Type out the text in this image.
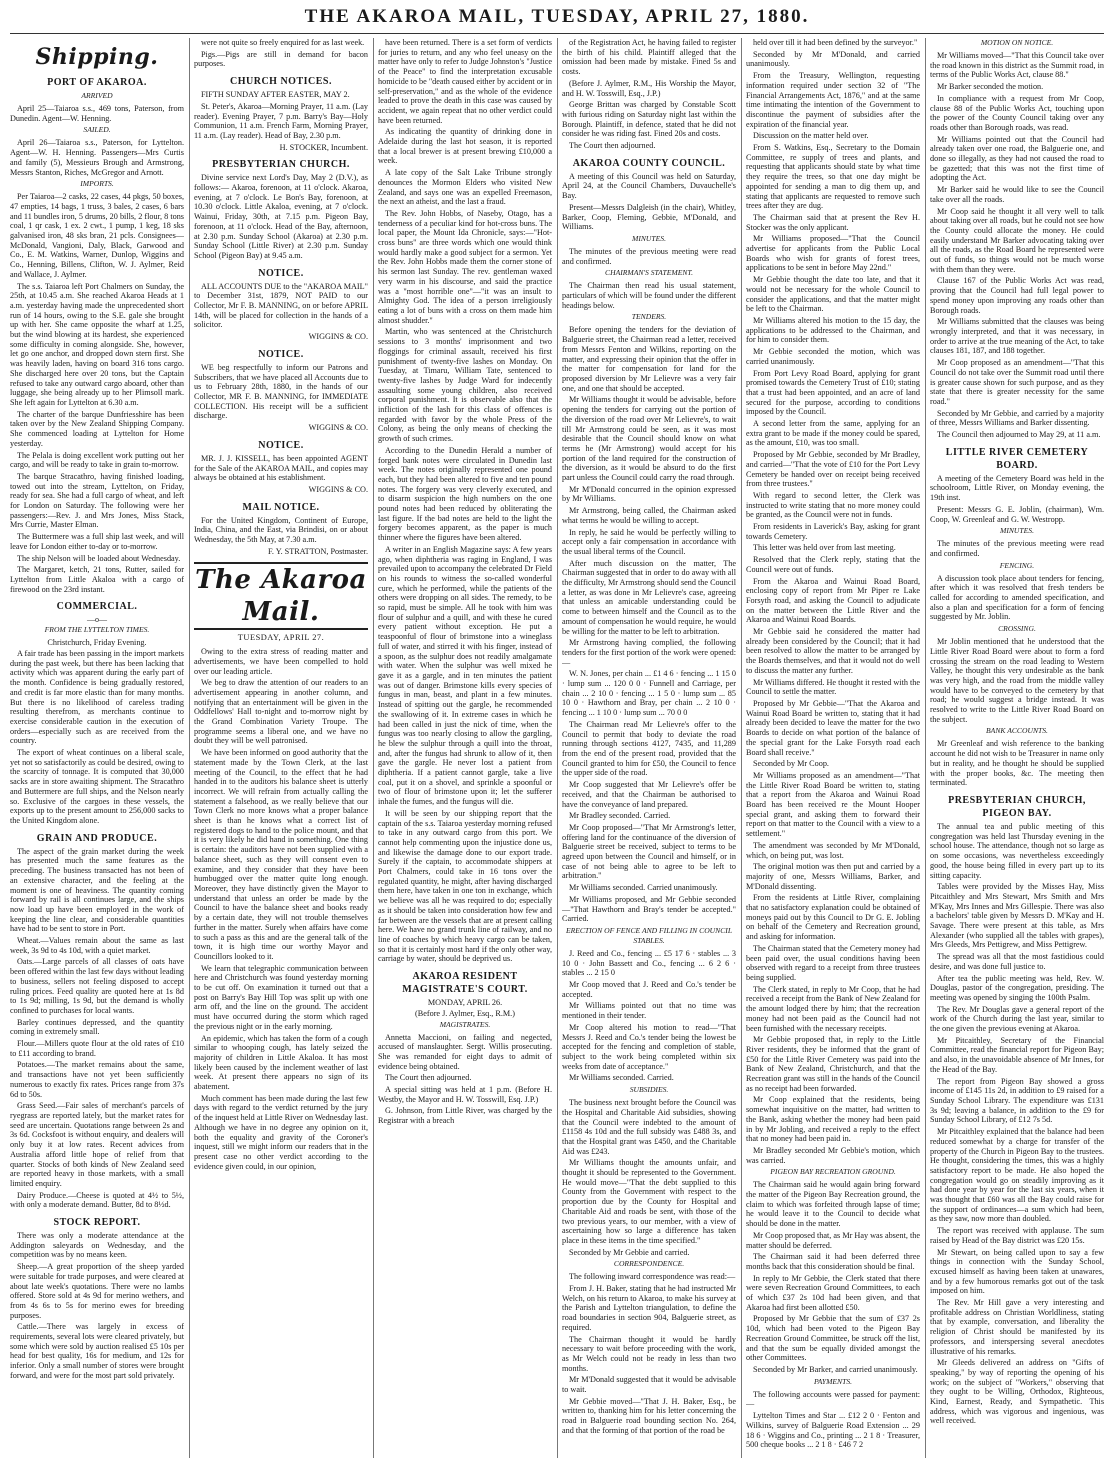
THE AKAROA MAIL, TUESDAY, APRIL 27, 1880.
Shipping.
PORT OF AKAROA.
ARRIVED
April 25—Taiaroa s.s., 469 tons, Paterson, from Dunedin. Agent—W. Henning.
SAILED.
April 26—Taiaroa s.s., Paterson, for Lyttelton. Agent—W. H. Henning. Passengers—Mrs Curtis and family (5), Messieurs Brough and Armstrong, Messrs Stanton, Riches, McGregor and Arnott.
IMPORTS.
Per Taiaroa—2 casks, 22 cases, 44 pkgs, 50 boxes, 47 empties, 14 bags, 1 truss, 3 bales, 2 cases, 6 bars and 11 bundles iron, 5 drums, 20 bills, 2 flour, 8 tons coal, 1 qr cask, 1 ex. 2 cwt., 1 pump, 1 keg, 18 sks galvanised iron, 48 sks bran, 21 pcls. Consignees—McDonald, Vangioni, Daly, Black, Garwood and Co., E. M. Watkins, Warner, Dunlop, Wiggins and Co., Henning, Billens, Clifton, W. J. Aylmer, Reid and Wallace, J. Aylmer.
The s.s. Taiaroa left Port Chalmers on Sunday, the 25th, at 10.45 a.m. She reached Akaroa Heads at 1 a.m. yesterday having made the unprecedented short run of 14 hours, owing to the S.E. gale she brought up with her. She came opposite the wharf at 1.25, but the wind blowing at its hardest, she experienced some difficulty in coming alongside. She, however, let go one anchor, and dropped down stern first. She was heavily laden, having on board 316 tons cargo. She discharged here over 20 tons, but the Captain refused to take any outward cargo aboard, other than luggage, she being already up to her Plimsoll mark. She left again for Lyttelton at 6.30 a.m.
The charter of the barque Dunfriesshire has been taken over by the New Zealand Shipping Company. She commenced loading at Lyttelton for Home yesterday.
The Pelala is doing excellent work putting out her cargo, and will be ready to take in grain to-morrow.
The barque Stracathro, having finished loading, towed out into the stream, Lyttelton, on Friday, ready for sea. She had a full cargo of wheat, and left for London on Saturday. The following were her passengers:—Rev. J. and Mrs Jones, Miss Stack, Mrs Currie, Master Elman.
The Buttermere was a full ship last week, and will leave for London either to-day or to-morrow.
The ship Nelson will be loaded about Wednesday.
The Margaret, ketch, 21 tons, Rutter, sailed for Lyttelton from Little Akaloa with a cargo of firewood on the 23rd instant.
COMMERCIAL.
—o—
FROM THE LYTTELTON TIMES.
Christchurch, Friday Evening.
A fair trade has been passing in the import markets during the past week, but there has been lacking that activity which was apparent during the early part of the month. Confidence is being gradually restored, and credit is far more elastic than for many months. But there is no likelihood of careless trading resulting therefrom, as merchants continue to exercise considerable caution in the execution of orders—especially such as are received from the country.
The export of wheat continues on a liberal scale, yet not so satisfactorily as could be desired, owing to the scarcity of tonnage. It is computed that 30,000 sacks are in store awaiting shipment. The Stracathro and Buttermere are full ships, and the Nelson nearly so. Exclusive of the cargoes in these vessels, the exports up to the present amount to 256,000 sacks to the United Kingdom alone.
GRAIN AND PRODUCE.
The aspect of the grain market during the week has presented much the same features as the preceding. The business transacted has not been of an extensive character, and the feeling at the moment is one of heaviness. The quantity coming forward by rail is all continues large, and the ships now load up have been employed in the work of keeping the line clear, and considerable quantities have had to be sent to store in Port.
Wheat.—Values remain about the same as last week, 3s 9d to 4s 10d, with a quiet market.
Oats.—Large parcels of all classes of oats have been offered within the last few days without leading to business, sellers not feeling disposed to accept ruling prices. Feed quality are quoted here at 1s 8d to 1s 9d; milling, 1s 9d, but the demand is wholly confined to purchases for local wants.
Barley continues depressed, and the quantity coming in extremely small.
Flour.—Millers quote flour at the old rates of £10 to £11 according to brand.
Potatoes.—The market remains about the same, and transactions have not yet been sufficiently numerous to exactly fix rates. Prices range from 37s 6d to 50s.
Grass Seed.—Fair sales of merchant's parcels of ryegrass are reported lately, but the market rates for seed are uncertain. Quotations range between 2s and 3s 6d. Cocksfoot is without enquiry, and dealers will only buy it at low rates. Recent advices from Australia afford little hope of relief from that quarter. Stocks of both kinds of New Zealand seed are reported heavy in those markets, with a small limited enquiry.
Dairy Produce.—Cheese is quoted at 4½ to 5½, with only a moderate demand. Butter, 8d to 8½d.
STOCK REPORT.
There was only a moderate attendance at the Addington saleyards on Wednesday, and the competition was by no means keen.
Sheep.—A great proportion of the sheep yarded were suitable for trade purposes, and were cleared at about late week's quotations. There were no lambs offered. Store sold at 4s 9d for merino wethers, and from 4s 6s to 5s for merino ewes for breeding purposes.
Cattle.—There was largely in excess of requirements, several lots were cleared privately, but some which were sold by auction realised £5 10s per head for best quality, 16s for medium, and 12s for inferior. Only a small number of stores were brought forward, and were for the most part sold privately.
were not quite so freely enquired for as last week.
Pigs.—Pigs are still in demand for bacon purposes.
CHURCH NOTICES.
FIFTH SUNDAY AFTER EASTER, MAY 2.
St. Peter's, Akaroa—Morning Prayer, 11 a.m. (Lay reader). Evening Prayer, 7 p.m. Barry's Bay—Holy Communion, 11 a.m. French Farm, Morning Prayer, 11 a.m. (Lay reader). Head of Bay, 2.30 p.m.
H. STOCKER, Incumbent.
PRESBYTERIAN CHURCH.
Divine service next Lord's Day, May 2 (D.V.), as follows:— Akaroa, forenoon, at 11 o'clock. Akaroa, evening, at 7 o'clock. Le Bon's Bay, forenoon, at 10.30 o'clock. Little Akaloa, evening, at 7 o'clock. Wainui, Friday, 30th, at 7.15 p.m. Pigeon Bay, forenoon, at 11 o'clock. Head of the Bay, afternoon, at 2.30 p.m. Sunday School (Akaroa) at 2.30 p.m. Sunday School (Little River) at 2.30 p.m. Sunday School (Pigeon Bay) at 9.45 a.m.
NOTICE.
ALL ACCOUNTS DUE to the "AKAROA MAIL" to December 31st, 1879, NOT PAID to our Collector, Mr F. B. MANNING, on or before APRIL 14th, will be placed for collection in the hands of a solicitor.
WIGGINS & CO.
NOTICE.
WE beg respectfully to inform our Patrons and Subscribers, that we have placed all Accounts due to us to February 28th, 1880, in the hands of our Collector, MR F. B. MANNING, for IMMEDIATE COLLECTION. His receipt will be a sufficient discharge.
WIGGINS & CO.
NOTICE.
MR. J. J. KISSELL, has been appointed AGENT for the Sale of the AKAROA MAIL, and copies may always be obtained at his establishment.
WIGGINS & CO.
MAIL NOTICE.
For the United Kingdom, Continent of Europe, India, China, and the East, via Brindisi, on or about Wednesday, the 5th May, at 7.30 a.m.
F. Y. STRATTON, Postmaster.
The Akaroa Mail.
TUESDAY, APRIL 27.
Owing to the extra stress of reading matter and advertisements, we have been compelled to hold over our leading article.
We beg to draw the attention of our readers to an advertisement appearing in another column, and notifying that an entertainment will be given in the Oddfellows' Hall to-night and to-morrow night by the Grand Combination Variety Troupe. The programme seems a liberal one, and we have no doubt they will be well patronised.
We have been informed on good authority that the statement made by the Town Clerk, at the last meeting of the Council, to the effect that he had handed in to the auditors his balance sheet is utterly incorrect. We will refrain from actually calling the statement a falsehood, as we really believe that our Town Clerk no more knows what a proper balance sheet is than he knows what a correct list of registered dogs to hand to the police mount, and that it is very likely he did hand in something. One thing is certain: the auditors have not been supplied with a balance sheet, such as they will consent even to examine, and they consider that they have been humbugged over the matter quite long enough. Moreover, they have distinctly given the Mayor to understand that unless an order be made by the Council to have the balance sheet and books ready by a certain date, they will not trouble themselves further in the matter. Surely when affairs have come to such a pass as this and are the general talk of the town, it is high time our worthy Mayor and Councillors looked to it.
We learn that telegraphic communication between here and Christchurch was found yesterday morning to be cut off. On examination it turned out that a post on Barry's Bay Hill Top was split up with one arm off, and the line on the ground. The accident must have occurred during the storm which raged the previous night or in the early morning.
An epidemic, which has taken the form of a cough similar to whooping cough, has lately seized the majority of children in Little Akaloa. It has most likely been caused by the inclement weather of last week. At present there appears no sign of its abatement.
Much comment has been made during the last few days with regard to the verdict returned by the jury of the inquest held at Little River on Wednesday last. Although we have in no degree any opinion on it, both the equality and gravity of the Coroner's inquest, still we might inform our readers that in the present case no other verdict according to the evidence given could, in our opinion,
have been returned. There is a set form of verdicts for juries to return, and any who feel uneasy on the matter have only to refer to Judge Johnston's "Justice of the Peace" to find the interpretation excusable homicide to be "death caused either by accident or in self-preservation," and as the whole of the evidence leaded to prove the death in this case was caused by accident, we again repeat that no other verdict could have been returned.
As indicating the quantity of drinking done in Adelaide during the last hot season, it is reported that a local brewer is at present brewing £10,000 a week.
A late copy of the Salt Lake Tribune strongly denounces the Mormon Elders who visited New Zealand, and says one was an expelled Freemason, the next an atheist, and the last a fraud.
The Rev. John Hobbs, of Naseby, Otago, has a tenderness of a peculiar kind for hot-cross buns. The local paper, the Mount Ida Chronicle, says:—"Hot-cross buns" are three words which one would think would hardly make a good subject for a sermon. Yet the Rev. John Hobbs made them the corner stone of his sermon last Sunday. The rev. gentleman waxed very warm in his discourse, and said the practice was a "most horrible one"—"it was an insult to Almighty God. The idea of a person irreligiously eating a lot of buns with a cross on them made him almost shudder."
Martin, who was sentenced at the Christchurch sessions to 3 months' imprisonment and two floggings for criminal assault, received his first punishment of twenty-five lashes on Monday. On Tuesday, at Timaru, William Tate, sentenced to twenty-five lashes by Judge Ward for indecently assaulting some young children, also received corporal punishment. It is observable also that the infliction of the lash for this class of offences is regarded with favor by the whole Press of the Colony, as being the only means of checking the growth of such crimes.
According to the Dunedin Herald a number of forged bank notes were circulated in Dunedin last week. The notes originally represented one pound each, but they had been altered to five and ten pound notes. The forgery was very cleverly executed, and to disarm suspicion the high numbers on the one pound notes had been reduced by obliterating the last figure. If the bad notes are held to the light the forgery becomes apparent, as the paper is much thinner where the figures have been altered.
A writer in an English Magazine says: A few years ago, when diphtheria was raging in England, I was prevailed upon to accompany the celebrated Dr Field on his rounds to witness the so-called wonderful cure, which he performed, while the patients of the others were dropping on all sides. The remedy, to be so rapid, must be simple. All he took with him was flour of sulphur and a quill, and with these he cured every patient without exception. He put a teaspoonful of flour of brimstone into a wineglass full of water, and stirred it with his finger, instead of a spoon, as the sulphur does not readily amalgamate with water. When the sulphur was well mixed he gave it as a gargle, and in ten minutes the patient was out of danger. Brimstone kills every species of fungus in man, beast, and plant in a few minutes. Instead of spitting out the gargle, he recommended the swallowing of it. In extreme cases in which he had been called in just the nick of time, when the fungus was too nearly closing to allow the gargling, he blew the sulphur through a quill into the throat, and, after the fungus had shrunk to allow of it, then gave the gargle. He never lost a patient from diphtheria. If a patient cannot gargle, take a live coal, put it on a shovel, and sprinkle a spoonful or two of flour of brimstone upon it; let the sufferer inhale the fumes, and the fungus will die.
It will be seen by our shipping report that the captain of the s.s. Taiaroa yesterday morning refused to take in any outward cargo from this port. We cannot help commenting upon the injustice done us, and likewise the damage done to our export trade. Surely if the captain, to accommodate shippers at Port Chalmers, could take in 16 tons over the regulated quantity, he might, after having discharged them here, have taken in one ton in exchange, which we believe was all he was required to do; especially as it should be taken into consideration how few and far between are the vessels that are at present calling here. We have no grand trunk line of railway, and no line of coaches by which heavy cargo can be taken, so that it is certainly most hard if the only other way, carriage by water, should be deprived us.
AKAROA RESIDENT MAGISTRATE'S COURT.
MONDAY, APRIL 26.
(Before J. Aylmer, Esq., R.M.)
MAGISTRATES.
Annetta Maccioni, on failing and negected, accused of manslaughter. Sergt. Willis prosecuting. She was remanded for eight days to admit of evidence being obtained.
The Court then adjourned.
A special sitting was held at 1 p.m. (Before H. Westby, the Mayor and H. W. Tosswill, Esq. J.P.)
G. Johnson, from Little River, was charged by the Registrar with a breach
of the Registration Act, he having failed to register the birth of his child. Plaintiff alleged that the omission had been made by mistake. Fined 5s and costs.
(Before J. Aylmer, R.M., His Worship the Mayor, and H. W. Tosswill, Esq., J.P.)
George Brittan was charged by Constable Scott with furious riding on Saturday night last within the Borough. Plaintiff, in defence, stated that he did not consider he was riding fast. Fined 20s and costs.
The Court then adjourned.
AKAROA COUNTY COUNCIL.
A meeting of this Council was held on Saturday, April 24, at the Council Chambers, Duvauchelle's Bay.
Present—Messrs Dalgleish (in the chair), Whitley, Barker, Coop, Fleming, Gebbie, M'Donald, and Williams.
MINUTES.
The minutes of the previous meeting were read and confirmed.
CHAIRMAN'S STATEMENT.
The Chairman then read his usual statement, particulars of which will be found under the different headings below.
TENDERS.
Before opening the tenders for the deviation of Balguerie street, the Chairman read a letter, received from Messrs Fenton and Wilkins, reporting on the matter, and expressing their opinion that the offer in the matter for compensation for land for the proposed diversion by Mr Lelievre was a very fair one, and one that should be accepted.
Mr Williams thought it would be advisable, before opening the tenders for carrying out the portion of the diversion of the road over Mr Lelievre's, to wait till Mr Armstrong could be seen, as it was most desirable that the Council should know on what terms he (Mr Armstrong) would accept for his portion of the land required for the construction of the diversion, as it would be absurd to do the first part unless the Council could carry the road through.
Mr M'Donald concurred in the opinion expressed by Mr Williams.
Mr Armstrong, being called, the Chairman asked what terms he would be willing to accept.
In reply, he said he would be perfectly willing to accept only a fair compensation in accordance with the usual liberal terms of the Council.
After much discussion on the matter, The Chairman suggested that in order to do away with all the difficulty, Mr Armstrong should send the Council a letter, as was done in Mr Lelievre's case, agreeing that unless an amicable understanding could be come to between himself and the Council as to the amount of compensation he would require, he would be willing for the matter to be left to arbitration.
Mr Armstrong having complied, the following tenders for the first portion of the work were opened:—
W. N. Jones, per chain ... £1 4 6 · fencing ... 1 15 0 · lump sum ... 120 0 0 · Funnell and Carriage, per chain ... 2 10 0 · fencing ... 1 5 0 · lump sum ... 85 10 0 · Hawthorn and Bray, per chain ... 2 10 0 · fencing ... 1 10 0 · lump sum ... 70 0 0
The Chairman read Mr Lelievre's offer to the Council to permit that body to deviate the road running through sections 4127, 7435, and 11,289 from the end of the present road, provided that the Council granted to him for £50, the Council to fence the upper side of the road.
Mr Coop suggested that Mr Lelievre's offer be received, and that the Chairman be authorised to have the conveyance of land prepared.
Mr Bradley seconded. Carried.
Mr Coop proposed—"That Mr Armstrong's letter, offering land for the continuance of the diversion of Balguerie street be received, subject to terms to be agreed upon between the Council and himself, or in case of not being able to agree to be left to arbitration."
Mr Williams seconded. Carried unanimously.
Mr Williams proposed, and Mr Gebbie seconded—"That Hawthorn and Bray's tender be accepted." Carried.
ERECTION OF FENCE AND FILLING IN COUNCIL STABLES.
J. Reed and Co., fencing ... £5 17 6 · stables ... 3 10 0 · John Bassett and Co., fencing ... 6 2 6 · stables ... 2 15 0
Mr Coop moved that J. Reed and Co.'s tender be accepted.
Mr Williams pointed out that no time was mentioned in their tender.
Mr Coop altered his motion to read—"That Messrs J. Reed and Co.'s tender being the lowest be accepted for the fencing and completion of stable, subject to the work being completed within six weeks from date of acceptance."
Mr Williams seconded. Carried.
SUBSIDIES.
The business next brought before the Council was the Hospital and Charitable Aid subsidies, showing that the Council were indebted to the amount of £1158 4s 10d and the full subsidy was £488 3s, and that the Hospital grant was £450, and the Charitable Aid was £243.
Mr Williams thought the amounts unfair, and thought it should be represented to the Government. He would move—"That the debt supplied to this County from the Government with respect to the proportion due by the County for Hospital and Charitable Aid and roads be sent, with those of the two previous years, to our member, with a view of ascertaining how so large a difference has taken place in these items in the time specified."
Seconded by Mr Gebbie and carried.
CORRESPONDENCE.
The following inward correspondence was read:—
From J. H. Baker, stating that he had instructed Mr Welch, on his return to Akaroa, to make his survey at the Parish and Lyttelton triangulation, to define the road boundaries in section 904, Balguerie street, as required.
The Chairman thought it would be hardly necessary to wait before proceeding with the work, as Mr Welch could not be ready in less than two months.
Mr M'Donald suggested that it would be advisable to wait.
Mr Gebbie moved—"That J. H. Baker, Esq., be written to, thanking him for his letter concerning the road in Balguerie road bounding section No. 264, and that the forming of that portion of the road be
held over till it had been defined by the surveyor."
Seconded by Mr M'Donald, and carried unanimously.
From the Treasury, Wellington, requesting information required under section 32 of "The Financial Arrangements Act, 1876," and at the same time intimating the intention of the Government to discontinue the payment of subsidies after the expiration of the financial year.
Discussion on the matter held over.
From S. Watkins, Esq., Secretary to the Domain Committee, re supply of trees and plants, and requesting that applicants should state by what time they require the trees, so that one day might be appointed for sending a man to dig them up, and stating that applicants are requested to remove such trees after they are dug.
The Chairman said that at present the Rev H. Stocker was the only applicant.
Mr Williams proposed—"That the Council advertise for applicants from the Public Local Boards who wish for grants of forest trees, applications to be sent in before May 22nd."
Mr Gebbie thought the date too late, and that it would not be necessary for the whole Council to consider the applications, and that the matter might be left to the Chairman.
Mr Williams altered his motion to the 15 day, the applications to be addressed to the Chairman, and for him to consider them.
Mr Gebbie seconded the motion, which was carried unanimously.
From Port Levy Road Board, applying for grant promised towards the Cemetery Trust of £10; stating that a trust had been appointed, and an acre of land secured for the purpose, according to conditions imposed by the Council.
A second letter from the same, applying for an extra grant to be made if the money could be spared, as the amount, £10, was too small.
Proposed by Mr Gebbie, seconded by Mr Bradley, and carried—"That the vote of £10 for the Port Levy Cemetery be handed over on receipt being received from three trustees."
With regard to second letter, the Clerk was instructed to write stating that no more money could be granted, as the Council were not in funds.
From residents in Laverick's Bay, asking for grant towards Cemetery.
This letter was held over from last meeting.
Resolved that the Clerk reply, stating that the Council were out of funds.
From the Akaroa and Wainui Road Board, enclosing copy of report from Mr Piper re Lake Forsyth road, and asking the Council to adjudicate on the matter between the Little River and the Akaroa and Wainui Road Boards.
Mr Gebbie said he considered the matter had already been considered by the Council; that it had been resolved to allow the matter to be arranged by the Boards themselves, and that it would not do well to discuss the matter any further.
Mr Williams differed. He thought it rested with the Council to settle the matter.
Proposed by Mr Gebbie—"That the Akaroa and Wainui Road Board be written to, stating that it had already been decided to leave the matter for the two Boards to decide on what portion of the balance of the special grant for the Lake Forsyth road each Board shall receive."
Seconded by Mr Coop.
Mr Williams proposed as an amendment—"That the Little River Road Board be written to, stating that a report from the Akaroa and Wainui Road Board has been received re the Mount Hooper special grant, and asking them to forward their report on that matter to the Council with a view to a settlement."
The amendment was seconded by Mr M'Donald, which, on being put, was lost.
The original motion was then put and carried by a majority of one, Messrs Williams, Barker, and M'Donald dissenting.
From the residents at Little River, complaining that no satisfactory explanation could be obtained of moneys paid out by this Council to Dr G. E. Jobling on behalf of the Cemetery and Recreation ground, and asking for information.
The Chairman stated that the Cemetery money had been paid over, the usual conditions having been observed with regard to a receipt from three trustees being supplied.
The Clerk stated, in reply to Mr Coop, that he had received a receipt from the Bank of New Zealand for the amount lodged there by him; that the recreation money had not been paid as the Council had not been furnished with the necessary receipts.
Mr Gebbie proposed that, in reply to the Little River residents, they be informed that the grant of £50 for the Little River Cemetery was paid into the Bank of New Zealand, Christchurch, and that the Recreation grant was still in the hands of the Council as no receipt had been forwarded.
Mr Coop explained that the residents, being somewhat inquisitive on the matter, had written to the Bank, asking whether the money had been paid in by Mr Jobling, and received a reply to the effect that no money had been paid in.
Mr Bradley seconded Mr Gebbie's motion, which was carried.
PIGEON BAY RECREATION GROUND.
The Chairman said he would again bring forward the matter of the Pigeon Bay Recreation ground, the claim to which was forfeited through lapse of time; he would leave it to the Council to decide what should be done in the matter.
Mr Coop proposed that, as Mr Hay was absent, the matter should be deferred.
The Chairman said it had been deferred three months back that this consideration should be final.
In reply to Mr Gebbie, the Clerk stated that there were seven Recreation Ground Committees, to each of which £37 2s 10d had been given, and that Akaroa had first been allotted £50.
Proposed by Mr Gebbie that the sum of £37 2s 10d, which had been voted to the Pigeon Bay Recreation Ground Committee, be struck off the list, and that the sum be equally divided amongst the other Committees.
Seconded by Mr Barker, and carried unanimously.
PAYMENTS.
The following accounts were passed for payment:—
Lyttelton Times and Star ... £12 2 0 · Fenton and Wilkins, survey of Balguerie Road Extension ... 29 18 6 · Wiggins and Co., printing ... 2 1 8 · Treasurer, 500 cheque books ... 2 1 8 · £46 7 2
MOTION ON NOTICE.
Mr Williams moved—"That this Council take over the road known in this district as the Summit road, in terms of the Public Works Act, clause 88."
Mr Barker seconded the motion.
In compliance with a request from Mr Coop, clause 88 of the Public Works Act, touching upon the power of the County Council taking over any roads other than Borough roads, was read.
Mr Williams pointed out that the Council had already taken over one road, the Balguerie one, and done so illegally, as they had not caused the road to be gazetted; that this was not the first time of adopting the Act.
Mr Barker said he would like to see the Council take over all the roads.
Mr Coop said he thought it all very well to talk about taking over all roads, but he could not see how the County could allocate the money. He could easily understand Mr Barker advocating taking over all the roads, as the Road Board he represented were out of funds, so things would not be much worse with them than they were.
Clause 167 of the Public Works Act was read, proving that the Council had full legal power to spend money upon improving any roads other than Borough roads.
Mr Williams submitted that the clauses was being wrongly interpreted, and that it was necessary, in order to arrive at the true meaning of the Act, to take clauses 181, 187, and 188 together.
Mr Coop proposed as an amendment—"That this Council do not take over the Summit road until there is greater cause shown for such purpose, and as they state that there is greater necessity for the same road."
Seconded by Mr Gebbie, and carried by a majority of three, Messrs Williams and Barker dissenting.
The Council then adjourned to May 29, at 11 a.m.
LITTLE RIVER CEMETERY BOARD.
A meeting of the Cemetery Board was held in the schoolroom, Little River, on Monday evening, the 19th inst.
Present: Messrs G. E. Joblin, (chairman), Wm. Coop, W. Greenleaf and G. W. Westropp.
MINUTES.
The minutes of the previous meeting were read and confirmed.
FENCING.
A discussion took place about tenders for fencing, after which it was resolved that fresh tenders be called for according to amended specification, and also a plan and specification for a form of fencing suggested by Mr. Joblin.
CROSSING.
Mr Joblin mentioned that he understood that the Little River Road Board were about to form a ford crossing the stream on the road leading to Western Valley, he thought this very undesirable as the bank was very high, and the road from the middle valley would have to be conveyed to the cemetery by that road; he would suggest a bridge instead. It was resolved to write to the Little River Road Board on the subject.
BANK ACCOUNTS.
Mr Greenleaf and wish reference to the banking account he did not wish to be Treasurer in name only but in reality, and he thought he should be supplied with the proper books, &c. The meeting then terminated.
PRESBYTERIAN CHURCH, PIGEON BAY.
The annual tea and public meeting of this congregation was held last Thursday evening in the school house. The attendance, though not so large as on some occasions, was nevertheless exceedingly good, the house being filled in every part up to its sitting capacity.
Tables were provided by the Misses Hay, Miss Pitcaithley and Mrs Stewart, Mrs Smith and Mrs M'Kay, Mrs Innes and Mrs Gillespie. There was also a bachelors' table given by Messrs D. M'Kay and H. Savage. There were present at this table, as Mrs Alexander (who supplied all the tables with grapes), Mrs Gleeds, Mrs Pettigrew, and Miss Pettigrew.
The spread was all that the most fastidious could desire, and was done full justice to.
After tea the public meeting was held, Rev. W. Douglas, pastor of the congregation, presiding. The meeting was opened by singing the 100th Psalm.
The Rev. Mr Douglas gave a general report of the work of the Church during the last year, similar to the one given the previous evening at Akaroa.
Mr Pitcaithley, Secretary of the Financial Committee, read the financial report for Pigeon Bay; and also, in the unavoidable absence of Mr Innes, for the Head of the Bay.
The report from Pigeon Bay showed a gross income of £145 11s 2d, in addition to £9 raised for a Sunday School Library. The expenditure was £131 3s 9d; leaving a balance, in addition to the £9 for Sunday School Library, of £12 7s 5d.
Mr Pitcaithley explained that the balance had been reduced somewhat by a charge for transfer of the property of the Church in Pigeon Bay to the trustees. He thought, considering the times, this was a highly satisfactory report to be made. He also hoped the congregation would go on steadily improving as it had done year by year for the last six years, when it was thought that £60 was all the Bay could raise for the support of ordinances—a sum which had been, as they saw, now more than doubled.
The report was received with applause. The sum raised by Head of the Bay district was £20 15s.
Mr Stewart, on being called upon to say a few things in connection with the Sunday School, excused himself as having been taken at unawares, and by a few humorous remarks got out of the task imposed on him.
The Rev. Mr Hill gave a very interesting and profitable address on Christian Worldliness, stating that by example, conversation, and liberality the religion of Christ should be manifested by its professors, and interspersing several anecdotes illustrative of his remarks.
Mr Gleeds delivered an address on "Gifts of speaking," by way of reporting the opening of his work; on the subject of "Workers," observing that they ought to be Willing, Orthodox, Righteous, Kind, Earnest, Ready, and Sympathetic. This address, which was vigorous and ingenious, was well received.
